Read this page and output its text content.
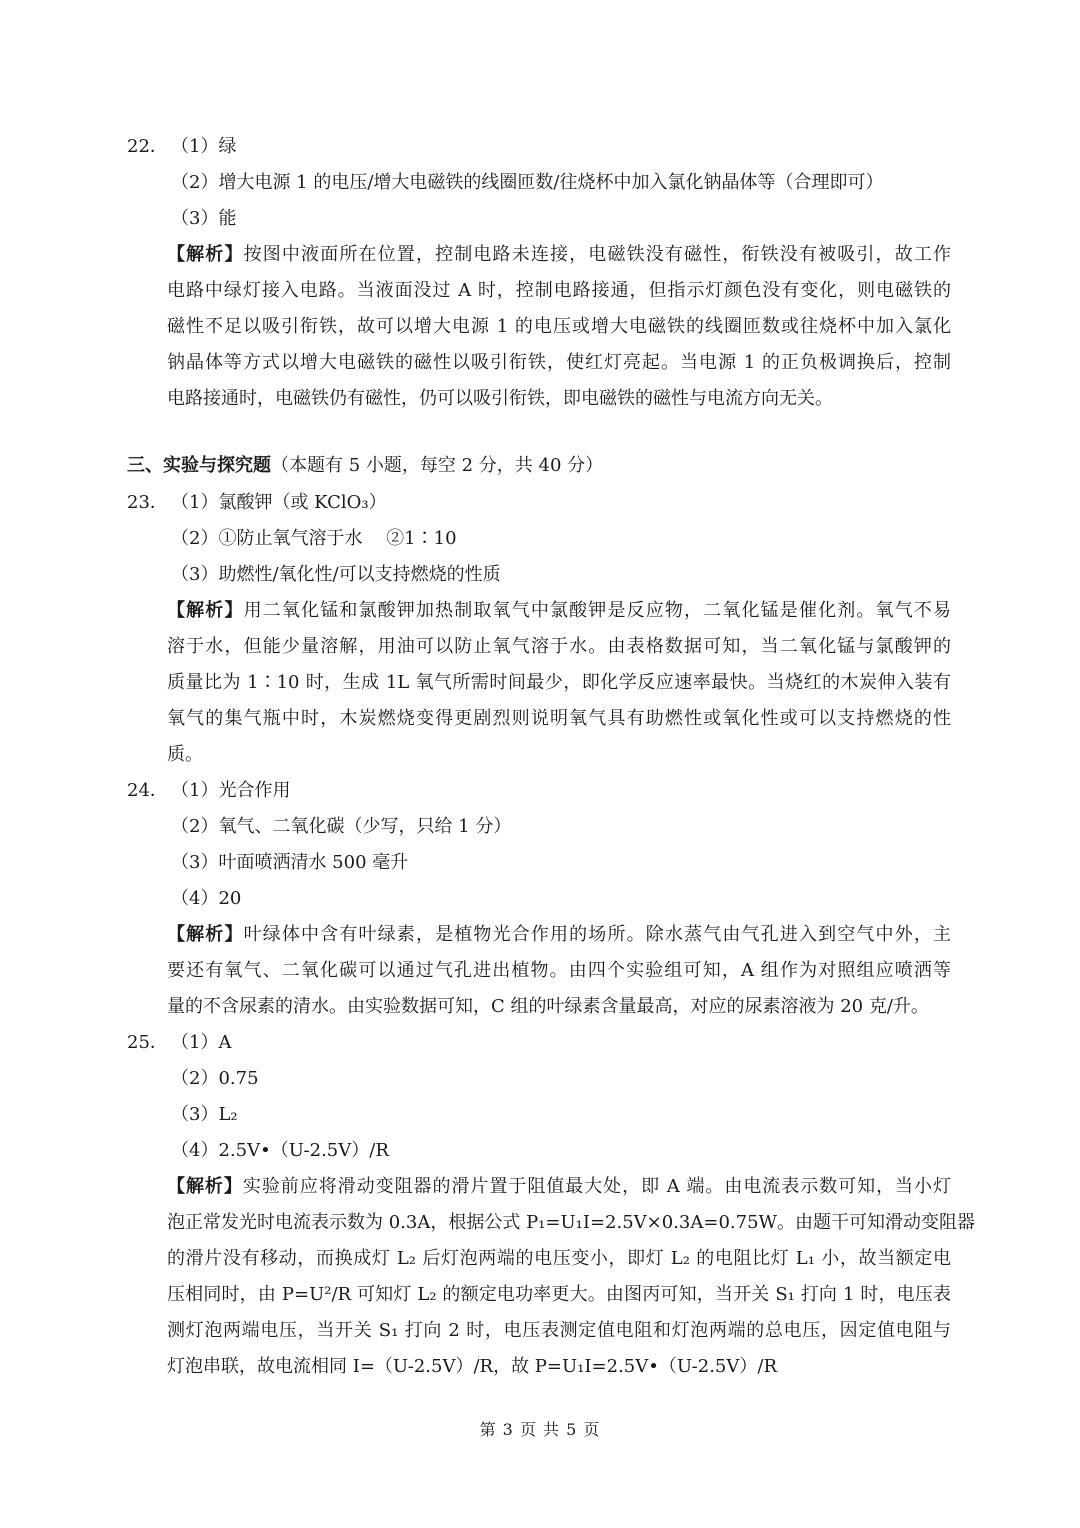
22． （1）绿

（2）增大电源 1 的电压/增大电磁铁的线圈匝数/往烧杯中加入氯化钠晶体等（合理即可）

（3）能

【解析】按图中液面所在位置，控制电路未连接，电磁铁没有磁性，衔铁没有被吸引，故工作

电路中绿灯接入电路。当液面没过 A 时，控制电路接通，但指示灯颜色没有变化，则电磁铁的

磁性不足以吸引衔铁，故可以增大电源 1 的电压或增大电磁铁的线圈匝数或往烧杯中加入氯化

钠晶体等方式以增大电磁铁的磁性以吸引衔铁，使红灯亮起。当电源 1 的正负极调换后，控制

电路接通时，电磁铁仍有磁性，仍可以吸引衔铁，即电磁铁的磁性与电流方向无关。

三、实验与探究题（本题有 5 小题，每空 2 分，共 40 分）

23． （1）氯酸钾（或 KClO₃）

（2）①防止氧气溶于水　 ②1∶10

（3）助燃性/氧化性/可以支持燃烧的性质

【解析】用二氧化锰和氯酸钾加热制取氧气中氯酸钾是反应物，二氧化锰是催化剂。氧气不易

溶于水，但能少量溶解，用油可以防止氧气溶于水。由表格数据可知，当二氧化锰与氯酸钾的

质量比为 1∶10 时，生成 1L 氧气所需时间最少，即化学反应速率最快。当烧红的木炭伸入装有

氧气的集气瓶中时，木炭燃烧变得更剧烈则说明氧气具有助燃性或氧化性或可以支持燃烧的性

质。

24． （1）光合作用

（2）氧气、二氧化碳（少写，只给 1 分）

（3）叶面喷洒清水 500 毫升

（4）20

【解析】叶绿体中含有叶绿素，是植物光合作用的场所。除水蒸气由气孔进入到空气中外，主

要还有氧气、二氧化碳可以通过气孔进出植物。由四个实验组可知，A 组作为对照组应喷洒等

量的不含尿素的清水。由实验数据可知，C 组的叶绿素含量最高，对应的尿素溶液为 20 克/升。

25． （1）A

（2）0.75

（3）L₂

（4）2.5V•（U-2.5V）/R

【解析】实验前应将滑动变阻器的滑片置于阻值最大处，即 A 端。由电流表示数可知，当小灯

泡正常发光时电流表示数为 0.3A，根据公式 P₁=U₁I=2.5V×0.3A=0.75W。由题干可知滑动变阻器

的滑片没有移动，而换成灯 L₂ 后灯泡两端的电压变小，即灯 L₂ 的电阻比灯 L₁ 小，故当额定电

压相同时，由 P=U²/R 可知灯 L₂ 的额定电功率更大。由图丙可知，当开关 S₁ 打向 1 时，电压表

测灯泡两端电压，当开关 S₁ 打向 2 时，电压表测定值电阻和灯泡两端的总电压，因定值电阻与

灯泡串联，故电流相同 I=（U-2.5V）/R，故 P=U₁I=2.5V•（U-2.5V）/R

第 3 页 共 5 页
